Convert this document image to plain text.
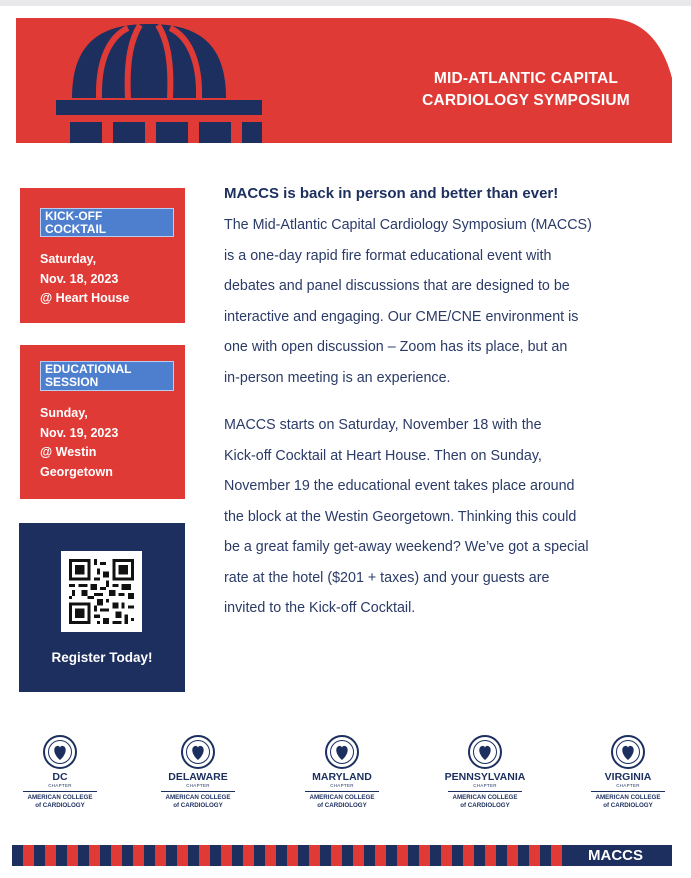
MID-ATLANTIC CAPITAL
CARDIOLOGY SYMPOSIUM
KICK-OFF
COCKTAIL
Saturday,
Nov. 18, 2023
@ Heart House
EDUCATIONAL
SESSION
Sunday,
Nov. 19, 2023
@ Westin
Georgetown
Register Today!
MACCS is back in person and better than ever!
The Mid-Atlantic Capital Cardiology Symposium (MACCS)
is a one-day rapid fire format educational event with
debates and panel discussions that are designed to be
interactive and engaging. Our CME/CNE environment is
one with open discussion – Zoom has its place, but an
in-person meeting is an experience.
MACCS starts on Saturday, November 18 with the
Kick-off Cocktail at Heart House. Then on Sunday,
November 19 the educational event takes place around
the block at the Westin Georgetown. Thinking this could
be a great family get-away weekend? We’ve got a special
rate at the hotel ($201 + taxes) and your guests are
invited to the Kick-off Cocktail.
DC
CHAPTER
AMERICAN COLLEGE
of CARDIOLOGY
DELAWARE
CHAPTER
AMERICAN COLLEGE
of CARDIOLOGY
MARYLAND
CHAPTER
AMERICAN COLLEGE
of CARDIOLOGY
PENNSYLVANIA
CHAPTER
AMERICAN COLLEGE
of CARDIOLOGY
VIRGINIA
CHAPTER
AMERICAN COLLEGE
of CARDIOLOGY
MACCS
